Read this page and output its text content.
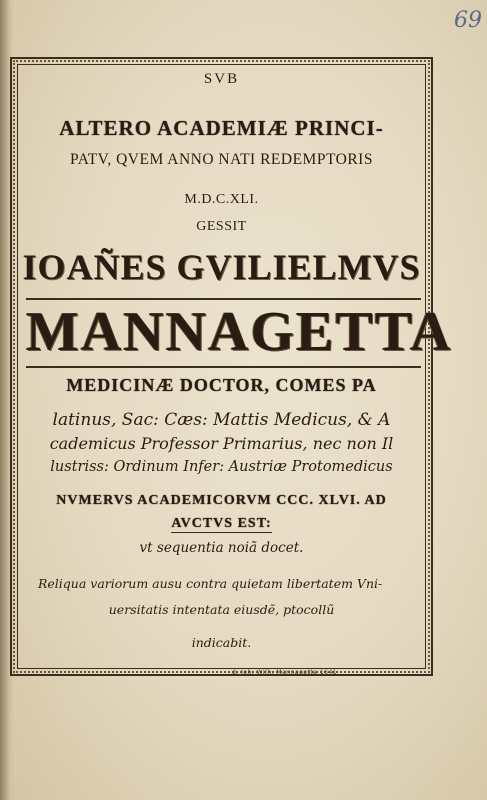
69
SVB
ALTERO ACADEMIÆ PRINCI-
PATV, QVEM ANNO NATI REDEMPTORIS
M.D.C.XLI.
GESSIT
IOAÑES GVILIELMVS
MANNAGETTA
MEDICINÆ DOCTOR, COMES PA
latinus, Sac: Cæs: Mattis Medicus, & A
cademicus Professor Primarius, nec non Il
lustriss: Ordinum Infer: Austriæ Protomedicus
NVMERVS ACADEMICORVM CCC. XLVI. AD
AVCTVS EST:
vt sequentia noiã docet.
Reliqua variorum ausu contra quietam libertatem Vni-
uersitatis intentata eiusdẽ, ptocollũ
indicabit.
d. Joh. Wilh. Mannagetta 1641
